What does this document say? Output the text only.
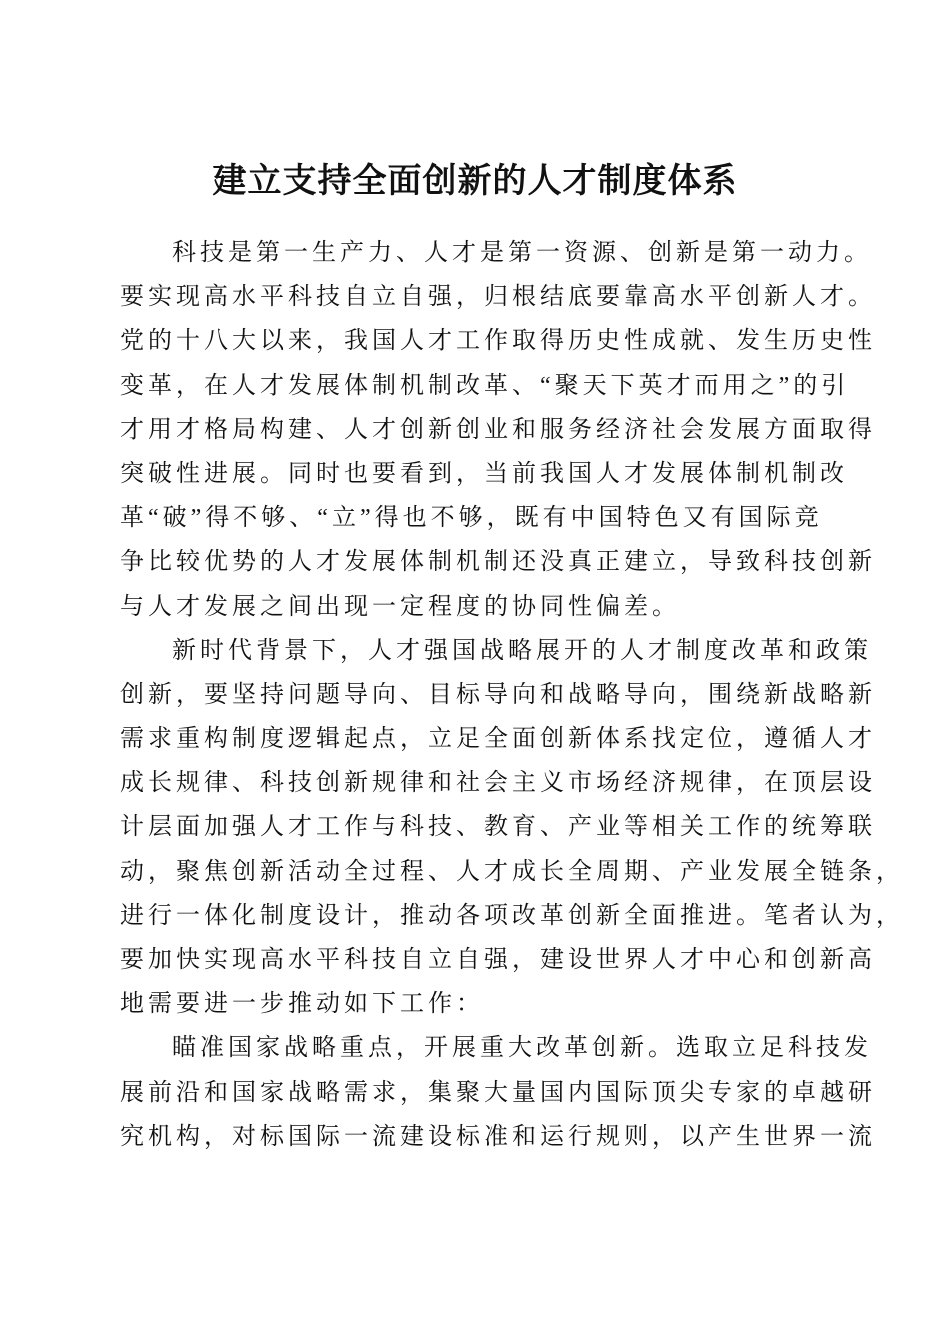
建立支持全面创新的人才制度体系
科技是第一生产力、人才是第一资源、创新是第一动力。
要实现高水平科技自立自强，归根结底要靠高水平创新人才。
党的十八大以来，我国人才工作取得历史性成就、发生历史性
变革，在人才发展体制机制改革、“聚天下英才而用之”的引
才用才格局构建、人才创新创业和服务经济社会发展方面取得
突破性进展。同时也要看到，当前我国人才发展体制机制改
革“破”得不够、“立”得也不够，既有中国特色又有国际竞
争比较优势的人才发展体制机制还没真正建立，导致科技创新
与人才发展之间出现一定程度的协同性偏差。
新时代背景下，人才强国战略展开的人才制度改革和政策
创新，要坚持问题导向、目标导向和战略导向，围绕新战略新
需求重构制度逻辑起点，立足全面创新体系找定位，遵循人才
成长规律、科技创新规律和社会主义市场经济规律，在顶层设
计层面加强人才工作与科技、教育、产业等相关工作的统筹联
动，聚焦创新活动全过程、人才成长全周期、产业发展全链条，
进行一体化制度设计，推动各项改革创新全面推进。笔者认为，
要加快实现高水平科技自立自强，建设世界人才中心和创新高
地需要进一步推动如下工作：
瞄准国家战略重点，开展重大改革创新。选取立足科技发
展前沿和国家战略需求，集聚大量国内国际顶尖专家的卓越研
究机构，对标国际一流建设标准和运行规则，以产生世界一流
